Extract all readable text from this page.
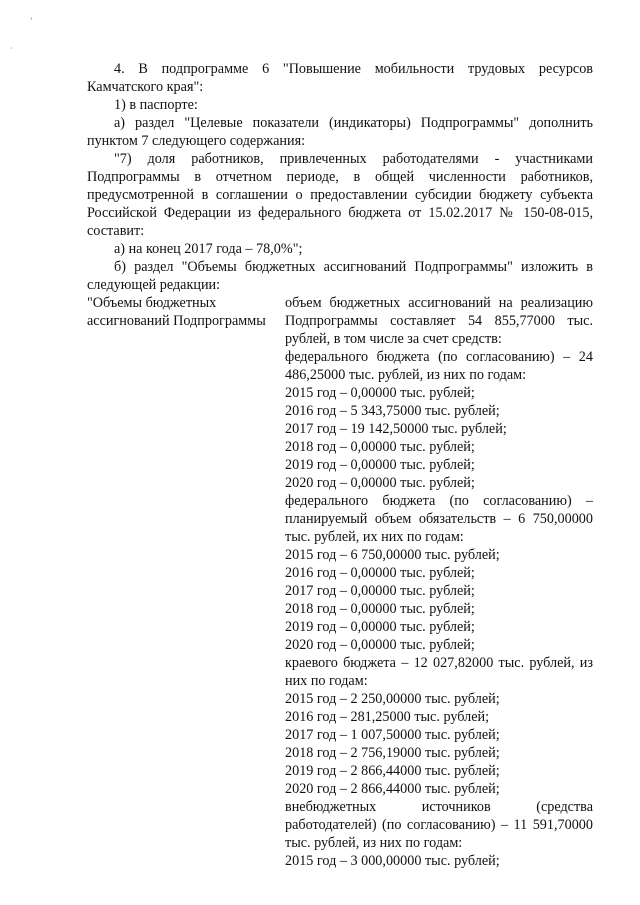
‘
·

4. В подпрограмме 6 "Повышение мобильности трудовых ресурсов Камчатского края":

1) в паспорте:

а) раздел "Целевые показатели (индикаторы) Подпрограммы" дополнить пунктом 7 следующего содержания:

"7) доля работников, привлеченных работодателями - участниками Подпрограммы в отчетном периоде, в общей численности работников, предусмотренной в соглашении о предоставлении субсидии бюджету субъекта Российской Федерации из федерального бюджета от 15.02.2017 № 150-08-015, составит:

а) на конец 2017 года – 78,0%";

б) раздел "Объемы бюджетных ассигнований Подпрограммы" изложить в следующей редакции:

"Объемы бюджетных ассигнований Подпрограммы

объем бюджетных ассигнований на реализацию Подпрограммы составляет 54 855,77000 тыс. рублей, в том числе за счет средств:

федерального бюджета (по согласованию) – 24 486,25000 тыс. рублей, из них по годам:

2015 год – 0,00000 тыс. рублей;
2016 год – 5 343,75000 тыс. рублей;
2017 год – 19 142,50000 тыс. рублей;
2018 год – 0,00000 тыс. рублей;
2019 год – 0,00000 тыс. рублей;
2020 год – 0,00000 тыс. рублей;

федерального бюджета (по согласованию) – планируемый объем обязательств – 6 750,00000 тыс. рублей, их них по годам:

2015 год – 6 750,00000 тыс. рублей;
2016 год – 0,00000 тыс. рублей;
2017 год – 0,00000 тыс. рублей;
2018 год – 0,00000 тыс. рублей;
2019 год – 0,00000 тыс. рублей;
2020 год – 0,00000 тыс. рублей;

краевого бюджета – 12 027,82000 тыс. рублей, из них по годам:

2015 год – 2 250,00000 тыс. рублей;
2016 год – 281,25000 тыс. рублей;
2017 год – 1 007,50000 тыс. рублей;
2018 год – 2 756,19000 тыс. рублей;
2019 год – 2 866,44000 тыс. рублей;
2020 год – 2 866,44000 тыс. рублей;

внебюджетных источников (средства работодателей) (по согласованию) – 11 591,70000 тыс. рублей, из них по годам:

2015 год – 3 000,00000 тыс. рублей;
